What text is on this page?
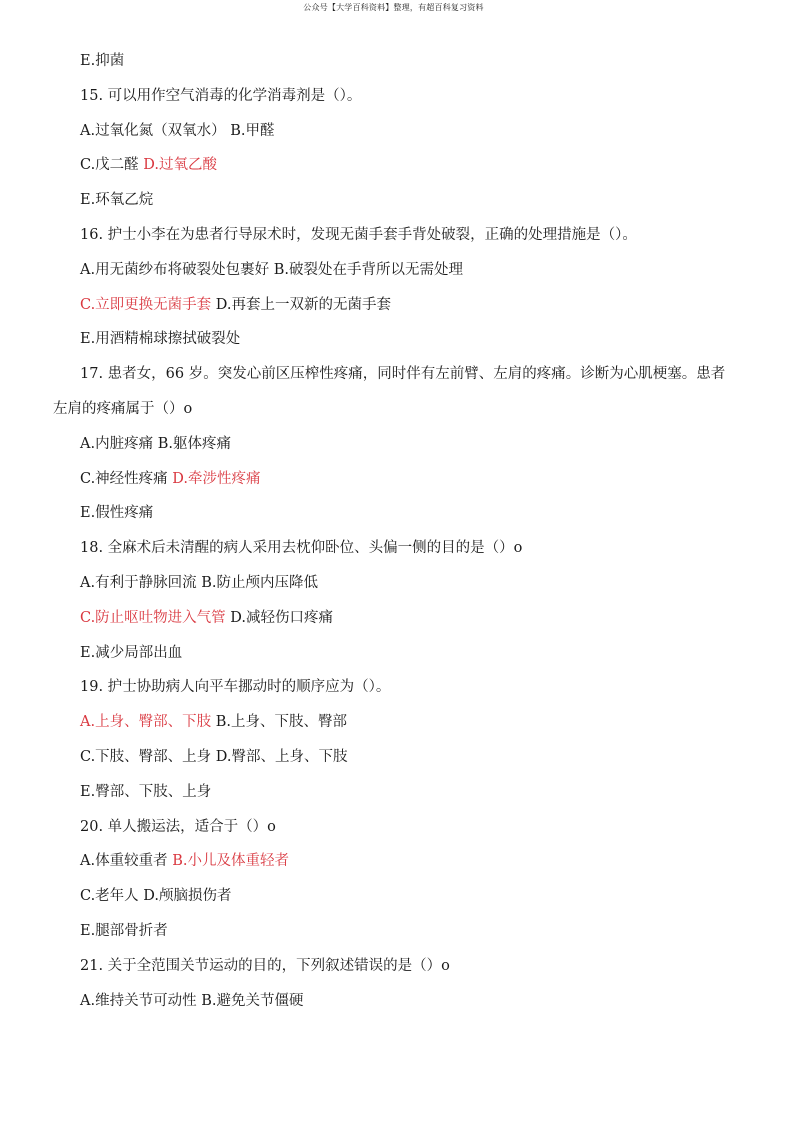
公众号【大学百科资料】整理，有超百科复习资料
E.抑菌
15. 可以用作空气消毒的化学消毒剂是（）。
A.过氧化氮（双氧水） B.甲醛
C.戊二醛 D.过氧乙酸
E.环氧乙烷
16. 护士小李在为患者行导尿术时，发现无菌手套手背处破裂，正确的处理措施是（）。
A.用无菌纱布将破裂处包裹好 B.破裂处在手背所以无需处理
C.立即更换无菌手套 D.再套上一双新的无菌手套
E.用酒精棉球擦拭破裂处
17. 患者女，66 岁。突发心前区压榨性疼痛，同时伴有左前臂、左肩的疼痛。诊断为心肌梗塞。患者左肩的疼痛属于（）o
A.内脏疼痛 B.躯体疼痛
C.神经性疼痛 D.牵涉性疼痛
E.假性疼痛
18. 全麻术后未清醒的病人采用去枕仰卧位、头偏一侧的目的是（）o
A.有利于静脉回流 B.防止颅内压降低
C.防止呕吐物进入气管 D.减轻伤口疼痛
E.减少局部出血
19. 护士协助病人向平车挪动时的顺序应为（）。
A.上身、臀部、下肢 B.上身、下肢、臀部
C.下肢、臀部、上身 D.臀部、上身、下肢
E.臀部、下肢、上身
20. 单人搬运法，适合于（）o
A.体重较重者 B.小儿及体重轻者
C.老年人 D.颅脑损伤者
E.腿部骨折者
21. 关于全范围关节运动的目的，下列叙述错误的是（）o
A.维持关节可动性 B.避免关节僵硬
